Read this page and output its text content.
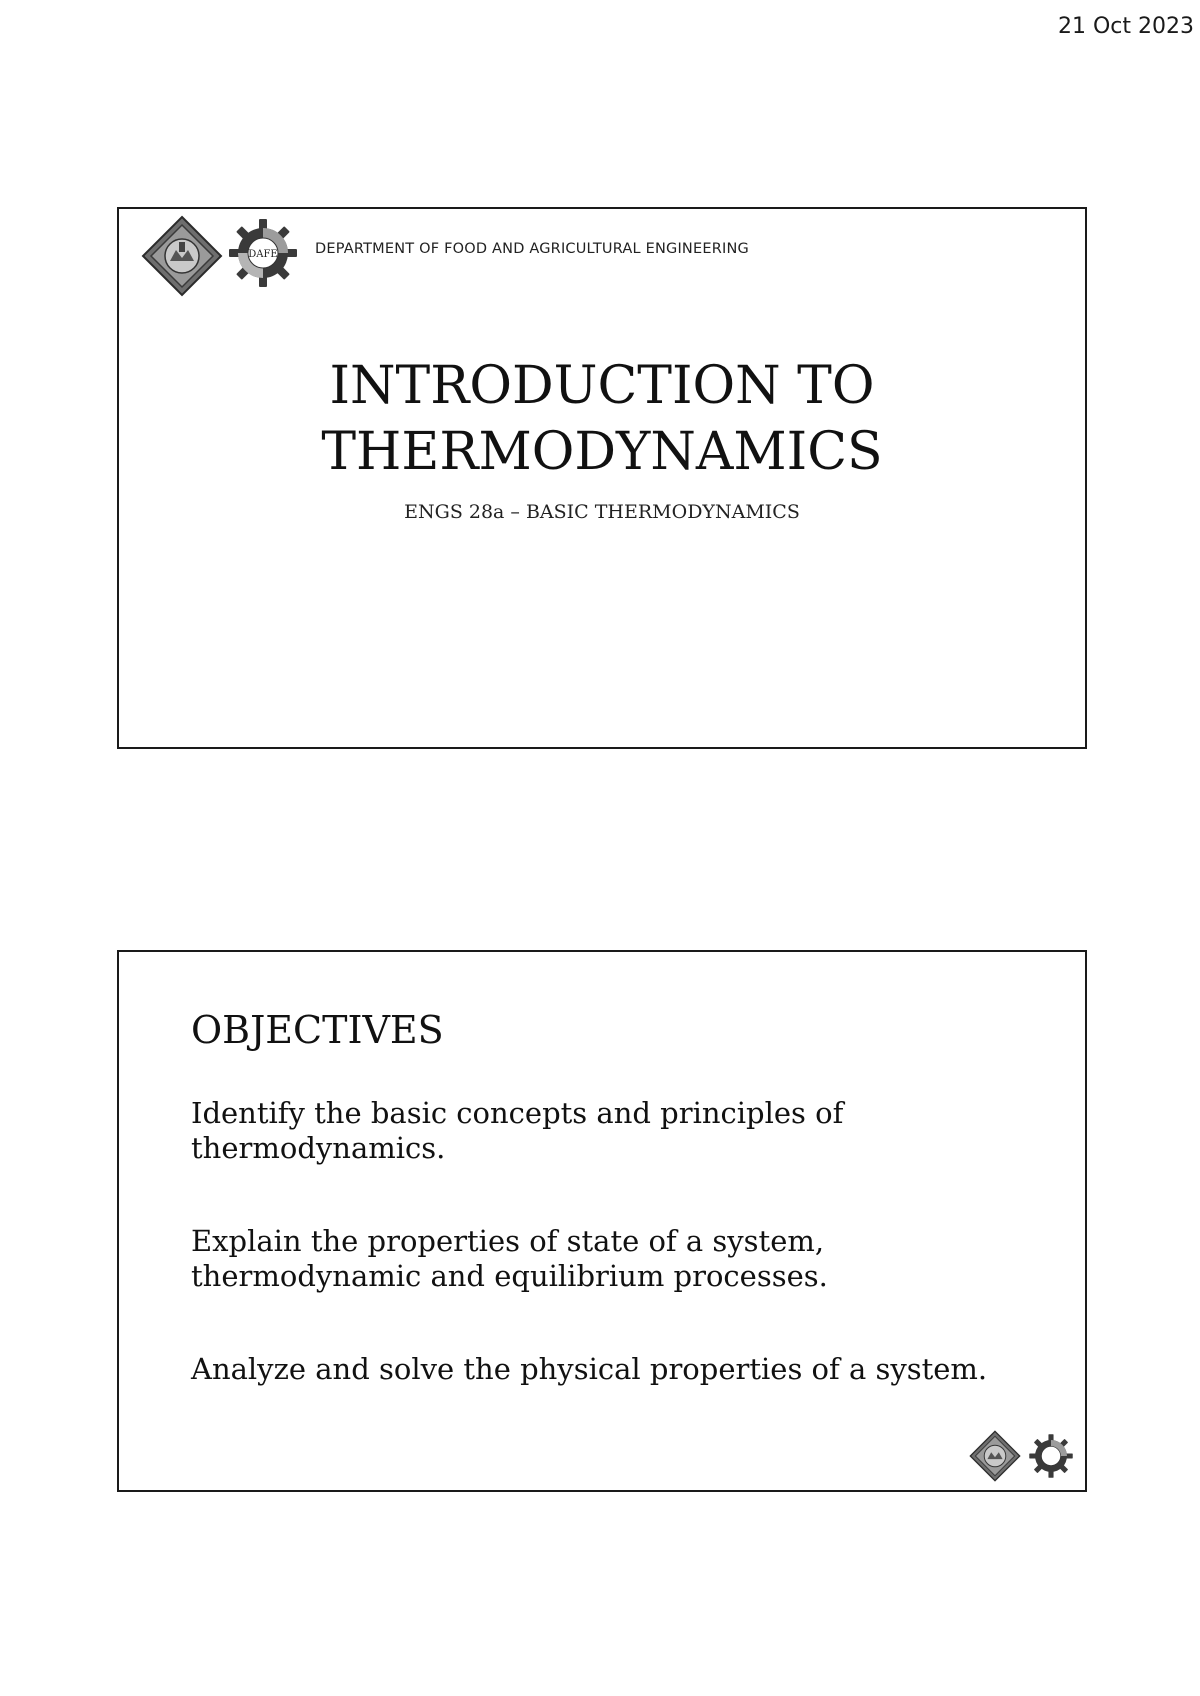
21 Oct 2023
DAFE	DEPARTMENT OF FOOD AND AGRICULTURAL ENGINEERING
INTRODUCTION TO
THERMODYNAMICS
ENGS 28a – BASIC THERMODYNAMICS
OBJECTIVES
Identify the basic concepts and principles of thermodynamics.
Explain the properties of state of a system, thermodynamic and equilibrium processes.
Analyze and solve the physical properties of a system.
